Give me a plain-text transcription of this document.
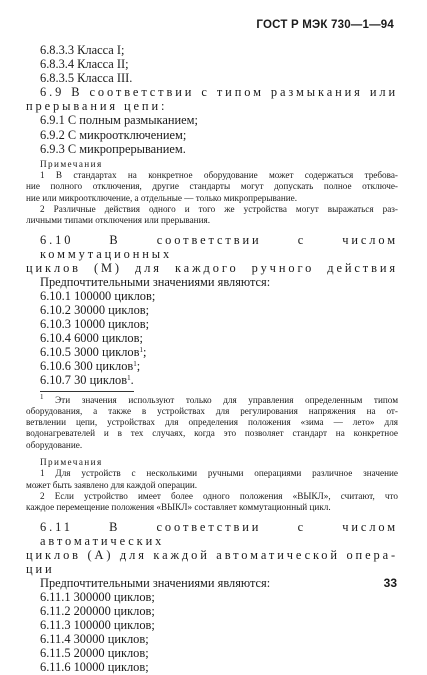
ГОСТ Р МЭК 730—1—94
6.8.3.3 Класса I;
6.8.3.4 Класса II;
6.8.3.5 Класса III.
6.9 В соответствии с типом размыкания или
прерывания цепи:
6.9.1 С полным размыканием;
6.9.2 С микроотключением;
6.9.3 С микропрерыванием.
Примечания
1 В стандартах на конкретное оборудование может содержаться требова-
ние полного отключения, другие стандарты могут допускать полное отключе-
ние или микроотключение, а отдельные — только микропрерывание.
2 Различные действия одного и того же устройства могут выражаться раз-
личными типами отключения или прерывания.
6.10 В соответствии с числом коммутационных
циклов (М) для каждого ручного действия
Предпочтительными значениями являются:
6.10.1 100000 циклов;
6.10.2 30000 циклов;
6.10.3 10000 циклов;
6.10.4 6000 циклов;
6.10.5 3000 циклов$^1$;
6.10.6 300 циклов$^1$;
6.10.7 30 циклов$^1$.
$^1$ Эти значения используют только для управления определенным типом
оборудования, а также в устройствах для регулирования напряжения на от-
ветвлении цепи, устройствах для определения положения «зима — лето» для
водонагревателей и в тех случаях, когда это позволяет стандарт на конкретное
оборудование.
Примечания
1 Для устройств с несколькими ручными операциями различное значение
может быть заявлено для каждой операции.
2 Если устройство имеет более одного положения «ВЫКЛ», считают, что
каждое перемещение положения «ВЫКЛ» составляет коммутационный цикл.
6.11 В соответствии с числом автоматических
циклов (А) для каждой автоматической опера-
ции
Предпочтительными значениями являются:
6.11.1 300000 циклов;
6.11.2 200000 циклов;
6.11.3 100000 циклов;
6.11.4 30000 циклов;
6.11.5 20000 циклов;
6.11.6 10000 циклов;
33
